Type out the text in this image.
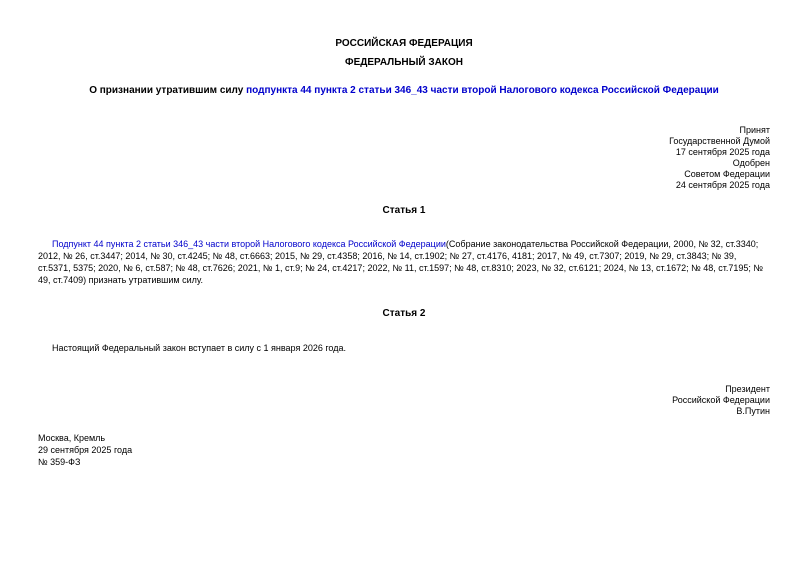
РОССИЙСКАЯ ФЕДЕРАЦИЯ
ФЕДЕРАЛЬНЫЙ ЗАКОН
О признании утратившим силу подпункта 44 пункта 2 статьи 346_43 части второй Налогового кодекса Российской Федерации
Принят
Государственной Думой
17 сентября 2025 года
Одобрен
Советом Федерации
24 сентября 2025 года
Статья 1
Подпункт 44 пункта 2 статьи 346_43 части второй Налогового кодекса Российской Федерации(Собрание законодательства Российской Федерации, 2000, № 32, ст.3340; 2012, № 26, ст.3447; 2014, № 30, ст.4245; № 48, ст.6663; 2015, № 29, ст.4358; 2016, № 14, ст.1902; № 27, ст.4176, 4181; 2017, № 49, ст.7307; 2019, № 29, ст.3843; № 39, ст.5371, 5375; 2020, № 6, ст.587; № 48, ст.7626; 2021, № 1, ст.9; № 24, ст.4217; 2022, № 11, ст.1597; № 48, ст.8310; 2023, № 32, ст.6121; 2024, № 13, ст.1672; № 48, ст.7195; № 49, ст.7409) признать утратившим силу.
Статья 2
Настоящий Федеральный закон вступает в силу с 1 января 2026 года.
Президент
Российской Федерации
В.Путин
Москва, Кремль
29 сентября 2025 года
№ 359-ФЗ
